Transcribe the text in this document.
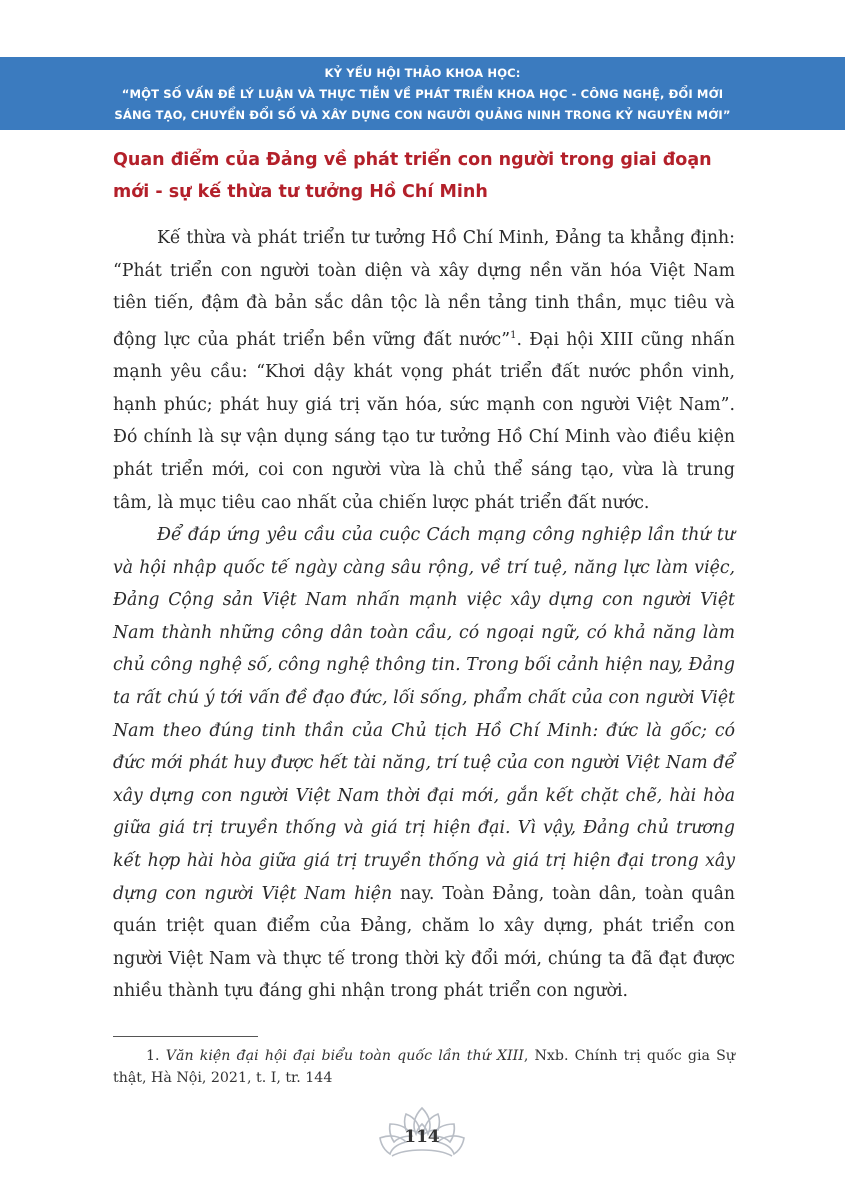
KỶ YẾU HỘI THẢO KHOA HỌC:
“MỘT SỐ VẤN ĐỀ LÝ LUẬN VÀ THỰC TIỄN VỀ PHÁT TRIỂN KHOA HỌC - CÔNG NGHỆ, ĐỔI MỚI
SÁNG TẠO, CHUYỂN ĐỔI SỐ VÀ XÂY DỰNG CON NGƯỜI QUẢNG NINH TRONG KỶ NGUYÊN MỚI”
Quan điểm của Đảng về phát triển con người trong giai đoạn
mới - sự kế thừa tư tưởng Hồ Chí Minh

Kế thừa và phát triển tư tưởng Hồ Chí Minh, Đảng ta khẳng định: “Phát triển con người toàn diện và xây dựng nền văn hóa Việt Nam tiên tiến, đậm đà bản sắc dân tộc là nền tảng tinh thần, mục tiêu và động lực của phát triển bền vững đất nước”$^1$. Đại hội XIII cũng nhấn mạnh yêu cầu: “Khơi dậy khát vọng phát triển đất nước phồn vinh, hạnh phúc; phát huy giá trị văn hóa, sức mạnh con người Việt Nam”. Đó chính là sự vận dụng sáng tạo tư tưởng Hồ Chí Minh vào điều kiện phát triển mới, coi con người vừa là chủ thể sáng tạo, vừa là trung tâm, là mục tiêu cao nhất của chiến lược phát triển đất nước.

Để đáp ứng yêu cầu của cuộc Cách mạng công nghiệp lần thứ tư và hội nhập quốc tế ngày càng sâu rộng, về trí tuệ, năng lực làm việc, Đảng Cộng sản Việt Nam nhấn mạnh việc xây dựng con người Việt Nam thành những công dân toàn cầu, có ngoại ngữ, có khả năng làm chủ công nghệ số, công nghệ thông tin. Trong bối cảnh hiện nay, Đảng ta rất chú ý tới vấn đề đạo đức, lối sống, phẩm chất của con người Việt Nam theo đúng tinh thần của Chủ tịch Hồ Chí Minh: đức là gốc; có đức mới phát huy được hết tài năng, trí tuệ của con người Việt Nam để xây dựng con người Việt Nam thời đại mới, gắn kết chặt chẽ, hài hòa giữa giá trị truyền thống và giá trị hiện đại. Vì vậy, Đảng chủ trương kết hợp hài hòa giữa giá trị truyền thống và giá trị hiện đại trong xây dựng con người Việt Nam hiện nay. Toàn Đảng, toàn dân, toàn quân quán triệt quan điểm của Đảng, chăm lo xây dựng, phát triển con người Việt Nam và thực tế trong thời kỳ đổi mới, chúng ta đã đạt được nhiều thành tựu đáng ghi nhận trong phát triển con người.

1. Văn kiện đại hội đại biểu toàn quốc lần thứ XIII, Nxb. Chính trị quốc gia Sự thật, Hà Nội, 2021, t. I, tr. 144
114
